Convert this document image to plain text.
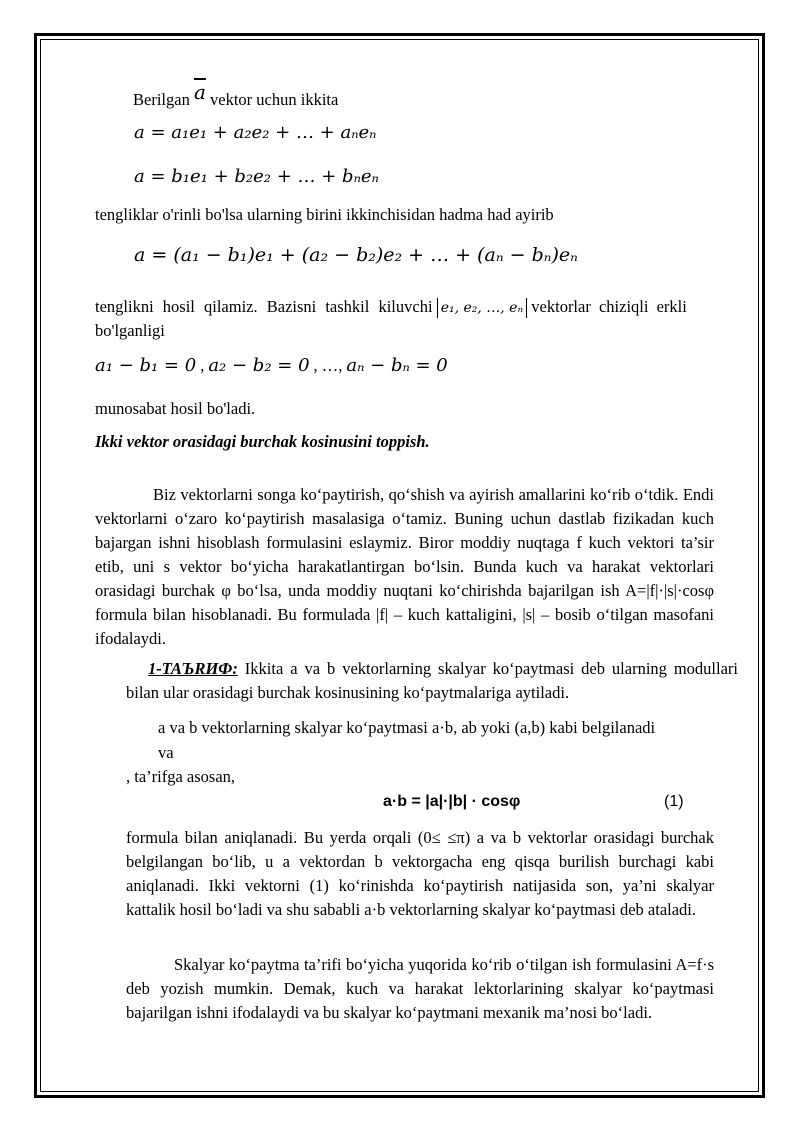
Berilgan $\overline{a}$ vektor uchun ikkita
a = a₁e₁ + a₂e₂ + … + aₙeₙ
a = b₁e₁ + b₂e₂ + … + bₙeₙ
tengliklar o'rinli bo'lsa ularning birini ikkinchisidan hadma had ayirib
a = (a₁ − b₁)e₁ + (a₂ − b₂)e₂ + … + (aₙ − bₙ)eₙ
tenglikni hosil qilamiz. Bazisni tashkil kiluvchi e₁, e₂, …, eₙ vektorlar chiziqli erkli
bo'lganligi
a₁ − b₁ = 0 , a₂ − b₂ = 0 , …, aₙ − bₙ = 0
munosabat hosil bo'ladi.
Ikki vektor orasidagi burchak kosinusini toppish.
Biz vektorlarni songa ko‘paytirish, qo‘shish va ayirish amallarini ko‘rib o‘tdik. Endi vektorlarni o‘zaro ko‘paytirish masalasiga o‘tamiz. Buning uchun dastlab fizikadan kuch bajargan ishni hisoblash formulasini eslaymiz. Biror moddiy nuqtaga f kuch vektori ta’sir etib, uni s vektor bo‘yicha harakatlantirgan bo‘lsin. Bunda kuch va harakat vektorlari orasidagi burchak φ bo‘lsa, unda moddiy nuqtani ko‘chirishda bajarilgan ish A=|f|·|s|·cosφ formula bilan hisoblanadi. Bu formulada |f| – kuch kattaligini, |s| – bosib o‘tilgan masofani ifodalaydi.
1-TAЪRИФ: Ikkita a va b vektorlarning skalyar ko‘paytmasi deb ularning modullari bilan ular orasidagi burchak kosinusining ko‘paytmalariga aytiladi.
a va b vektorlarning skalyar ko‘paytmasi a·b, ab yoki (a,b) kabi belgilanadi
va
, ta’rifga asosan,
a·b = |a|·|b| · cosφ	(1)
formula bilan aniqlanadi. Bu yerda orqali (0≤ ≤π) a va b vektorlar orasidagi burchak belgilangan bo‘lib, u a vektordan b vektorgacha eng qisqa burilish burchagi kabi aniqlanadi. Ikki vektorni (1) ko‘rinishda ko‘paytirish natijasida son, ya’ni skalyar kattalik hosil bo‘ladi va shu sababli a·b vektorlarning skalyar ko‘paytmasi deb ataladi.
Skalyar ko‘paytma ta’rifi bo‘yicha yuqorida ko‘rib o‘tilgan ish formulasini A=f·s deb yozish mumkin. Demak, kuch va harakat lektorlarining skalyar ko‘paytmasi bajarilgan ishni ifodalaydi va bu skalyar ko‘paytmani mexanik ma’nosi bo‘ladi.
